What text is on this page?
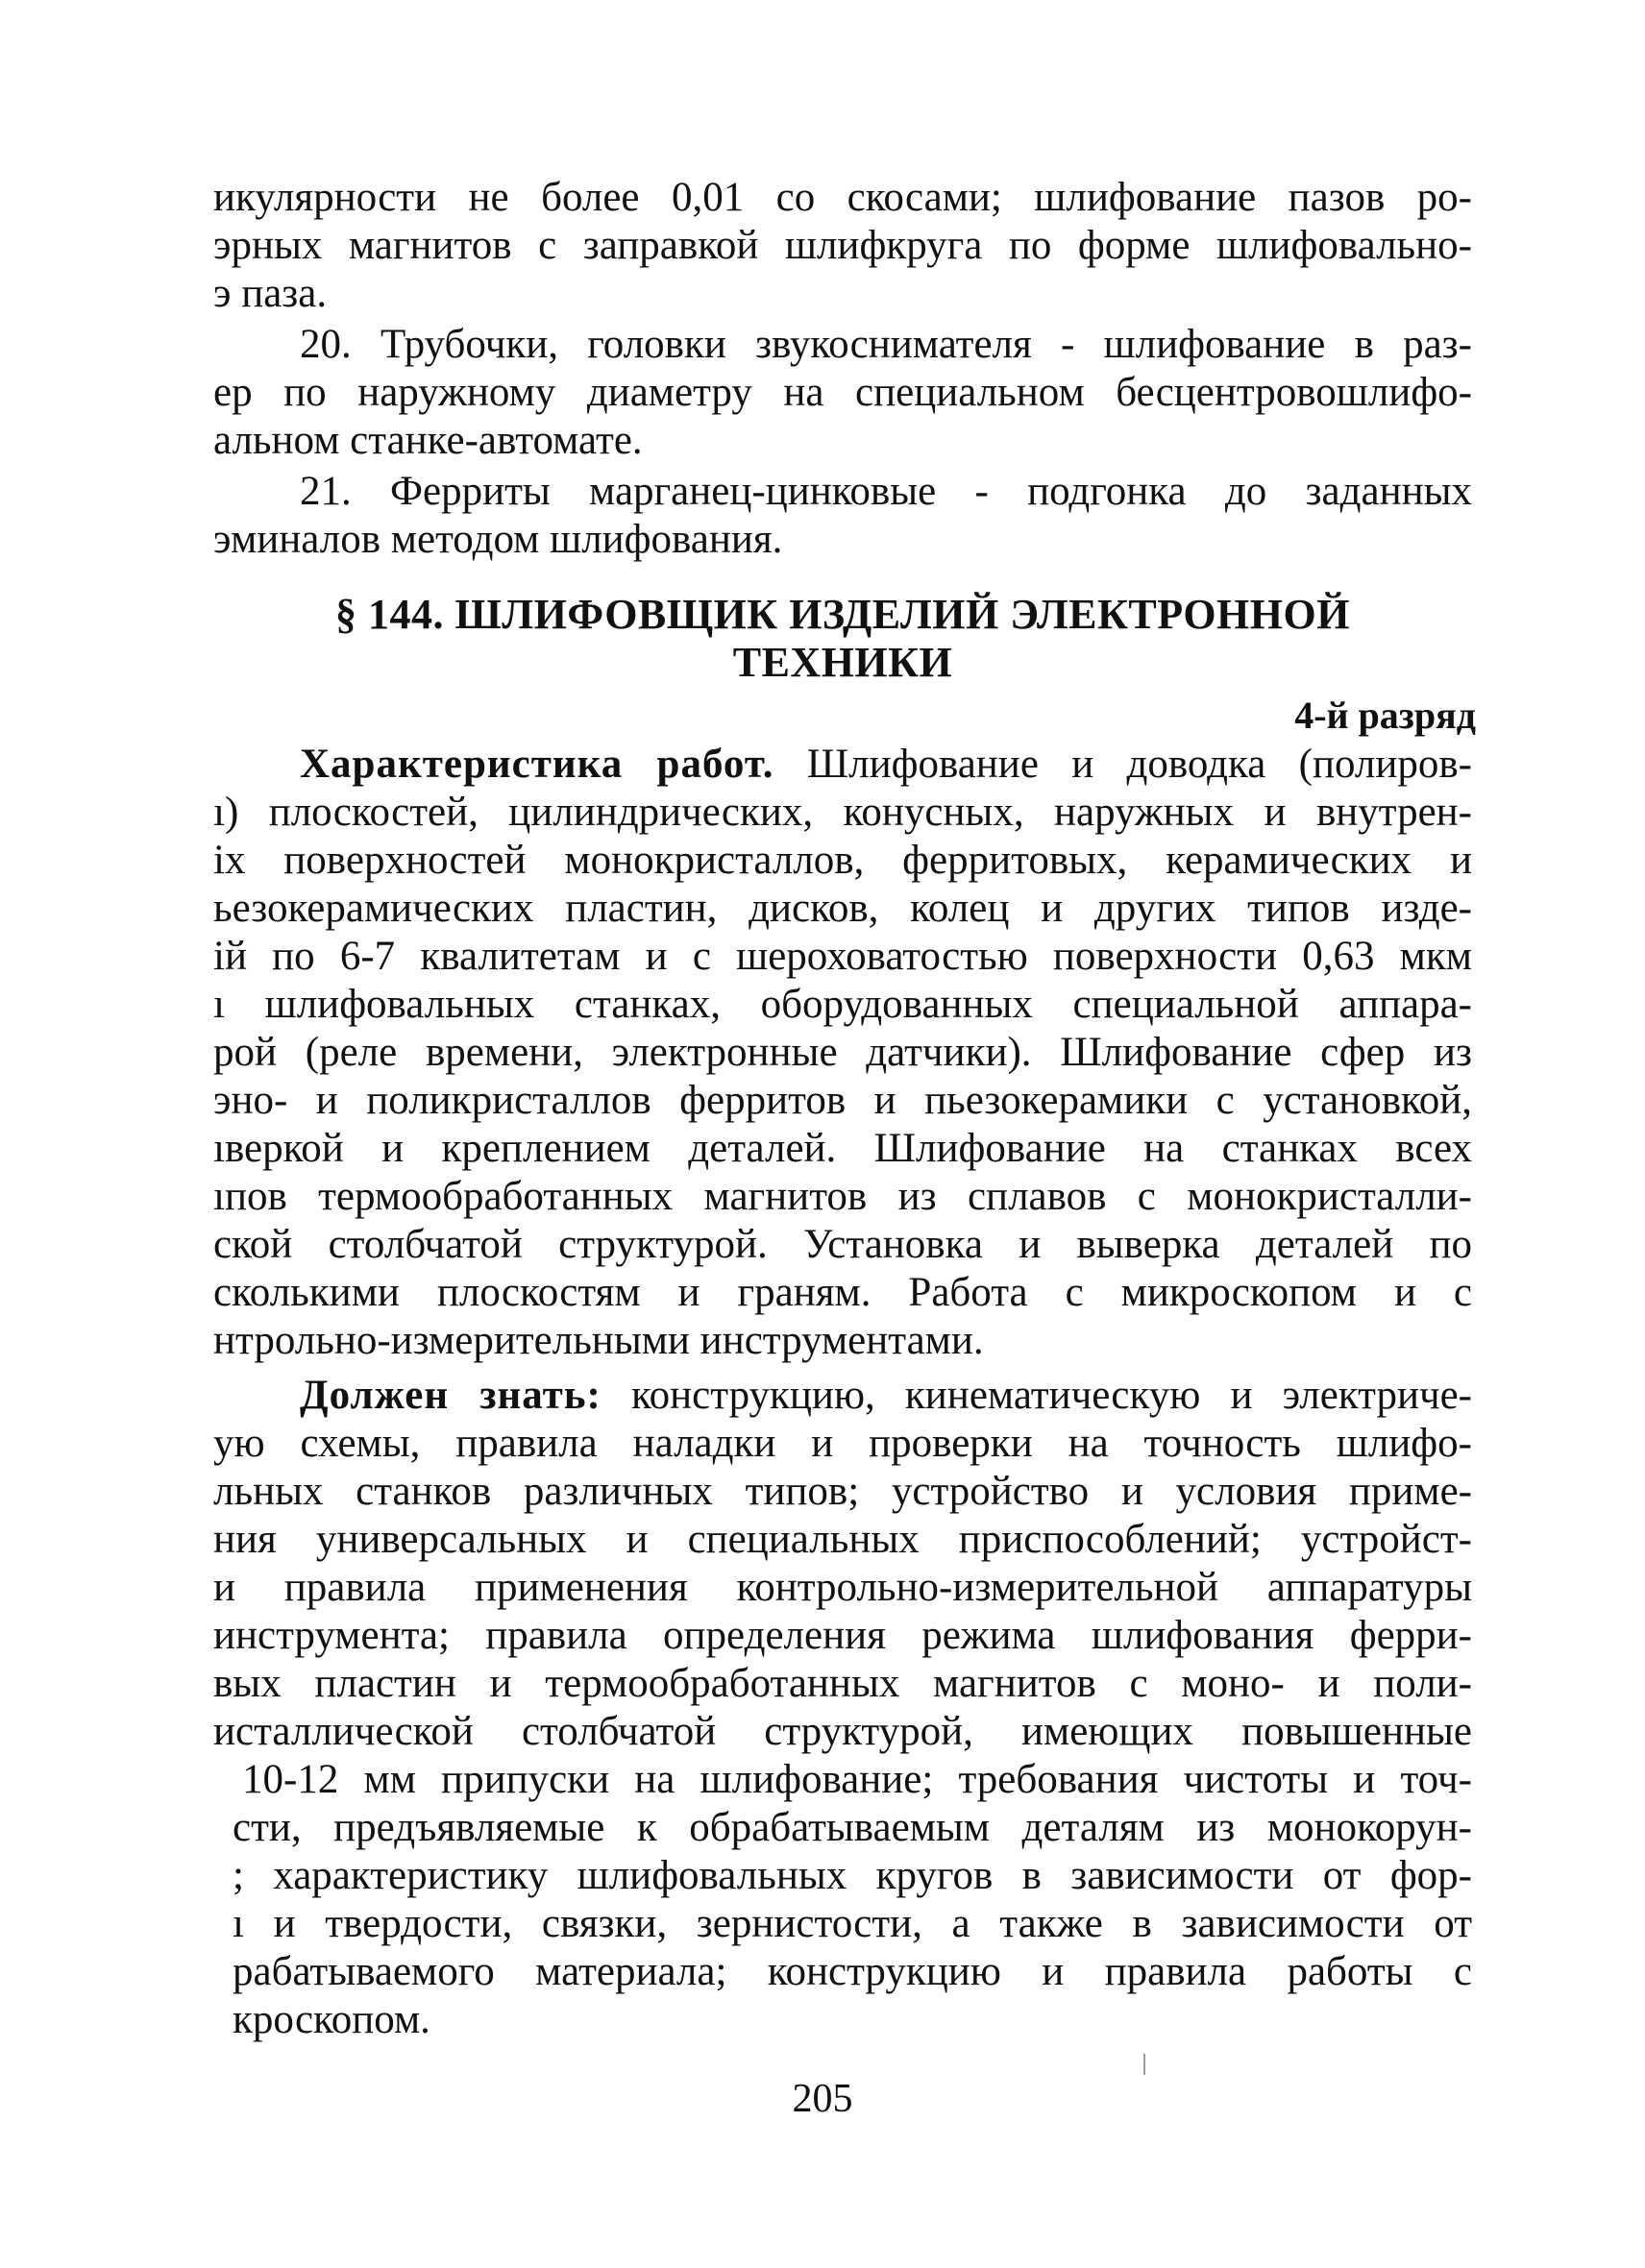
икулярности не более 0,01 со скосами; шлифование пазов ро-
эрных магнитов с заправкой шлифкруга по форме шлифовально-
э паза.
20. Трубочки, головки звукоснимателя - шлифование в раз-
ер по наружному диаметру на специальном бесцентровошлифо-
альном станке-автомате.
21. Ферриты марганец-цинковые - подгонка до заданных
эминалов методом шлифования.
§ 144. ШЛИФОВЩИК ИЗДЕЛИЙ ЭЛЕКТРОННОЙ
ТЕХНИКИ
4-й разряд
Характеристика работ. Шлифование и доводка (полиров-
ı) плоскостей, цилиндрических, конусных, наружных и внутрен-
іх поверхностей монокристаллов, ферритовых, керамических и
ьезокерамических пластин, дисков, колец и других типов изде-
ій по 6-7 квалитетам и с шероховатостью поверхности 0,63 мкм
ı шлифовальных станках, оборудованных специальной аппара-
рой (реле времени, электронные датчики). Шлифование сфер из
эно- и поликристаллов ферритов и пьезокерамики с установкой,
ıверкой и креплением деталей. Шлифование на станках всех
ıпов термообработанных магнитов из сплавов с монокристалли-
ской столбчатой структурой. Установка и выверка деталей по
сколькими плоскостям и граням. Работа с микроскопом и с
нтрольно-измерительными инструментами.
Должен знать: конструкцию, кинематическую и электриче-
ую схемы, правила наладки и проверки на точность шлифо-
льных станков различных типов; устройство и условия приме-
ния универсальных и специальных приспособлений; устройст-
и правила применения контрольно-измерительной аппаратуры
инструмента; правила определения режима шлифования ферри-
вых пластин и термообработанных магнитов с моно- и поли-
исталлической столбчатой структурой, имеющих повышенные
10-12 мм припуски на шлифование; требования чистоты и точ-
сти, предъявляемые к обрабатываемым деталям из монокорун-
; характеристику шлифовальных кругов в зависимости от фор-
ı и твердости, связки, зернистости, а также в зависимости от
рабатываемого материала; конструкцию и правила работы с
кроскопом.
205
